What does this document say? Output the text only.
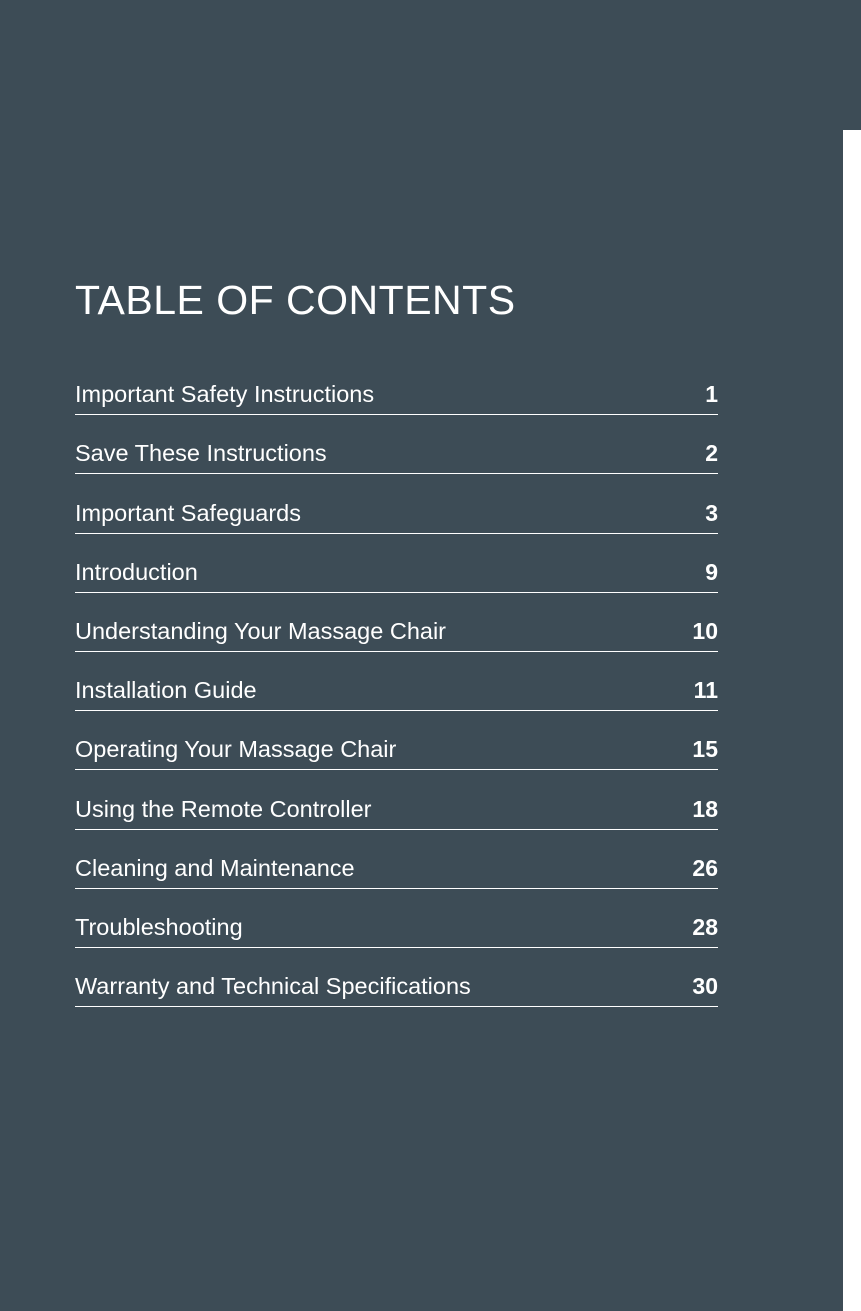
TABLE OF CONTENTS
Important Safety Instructions	1
Save These Instructions	2
Important Safeguards	3
Introduction	9
Understanding Your Massage Chair	10
Installation Guide	11
Operating Your Massage Chair	15
Using the Remote Controller	18
Cleaning and Maintenance	26
Troubleshooting	28
Warranty and Technical Specifications	30
